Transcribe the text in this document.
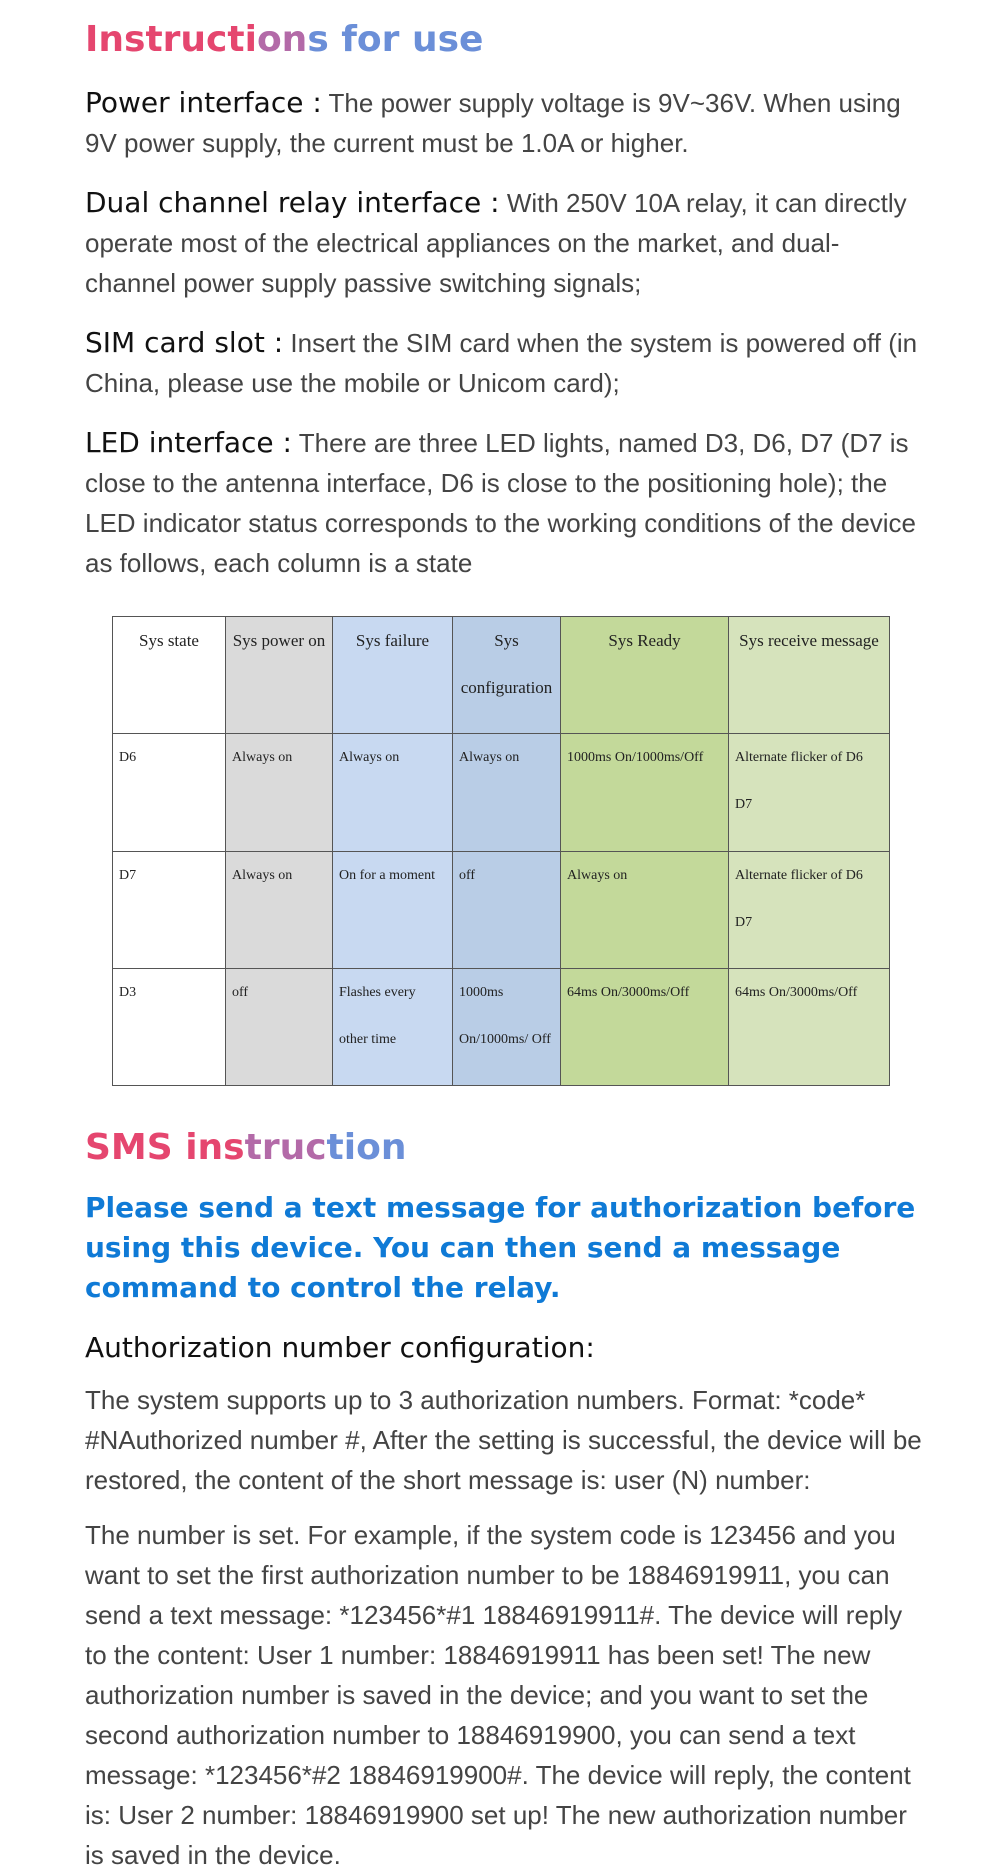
Instructions for use

Power interface : The power supply voltage is 9V~36V. When using 9V power supply, the current must be 1.0A or higher.

Dual channel relay interface : With 250V 10A relay, it can directly operate most of the electrical appliances on the market, and dual-channel power supply passive switching signals;

SIM card slot : Insert the SIM card when the system is powered off (in China, please use the mobile or Unicom card);

LED interface : There are three LED lights, named D3, D6, D7 (D7 is close to the antenna interface, D6 is close to the positioning hole); the LED indicator status corresponds to the working conditions of the device as follows, each column is a state

Sys state	Sys power on	Sys failure	Sys configuration	Sys Ready	Sys receive message
D6	Always on	Always on	Always on	1000ms On/1000ms/Off	Alternate flicker of D6 D7
D7	Always on	On for a moment	off	Always on	Alternate flicker of D6 D7
D3	off	Flashes every other time	1000ms On/1000ms/ Off	64ms On/3000ms/Off	64ms On/3000ms/Off
SMS instruction

Please send a text message for authorization before using this device. You can then send a message command to control the relay.

Authorization number configuration:

The system supports up to 3 authorization numbers. Format: *code* #NAuthorized number #, After the setting is successful, the device will be restored, the content of the short message is: user (N) number:

The number is set. For example, if the system code is 123456 and you want to set the first authorization number to be 18846919911, you can send a text message: *123456*#1 18846919911#. The device will reply to the content: User 1 number: 18846919911 has been set! The new authorization number is saved in the device; and you want to set the second authorization number to 18846919900, you can send a text message: *123456*#2 18846919900#. The device will reply, the content is: User 2 number: 18846919900 set up! The new authorization number is saved in the device.
